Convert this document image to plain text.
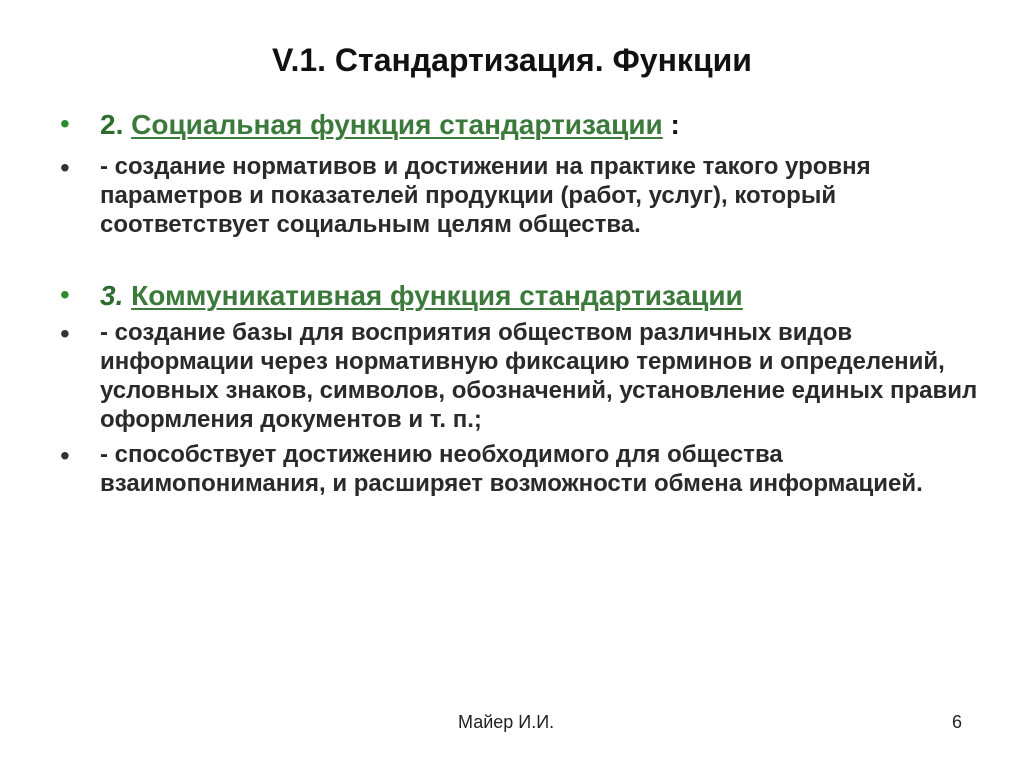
V.1. Стандартизация. Функции
•	2. Социальная функция стандартизации :
•	- создание нормативов и достижении на практике такого уровня параметров и показателей продукции (работ, услуг), который соответствует социальным целям общества.
•	3. Коммуникативная функция стандартизации
•	- создание базы для восприятия обществом различных видов информации через нормативную фиксацию терминов и определений, условных знаков, символов, обозначений, установление единых правил оформления документов и т. п.;
•	- способствует достижению необходимого для общества взаимопонимания, и расширяет возможности обмена информацией.
Майер И.И.	6
